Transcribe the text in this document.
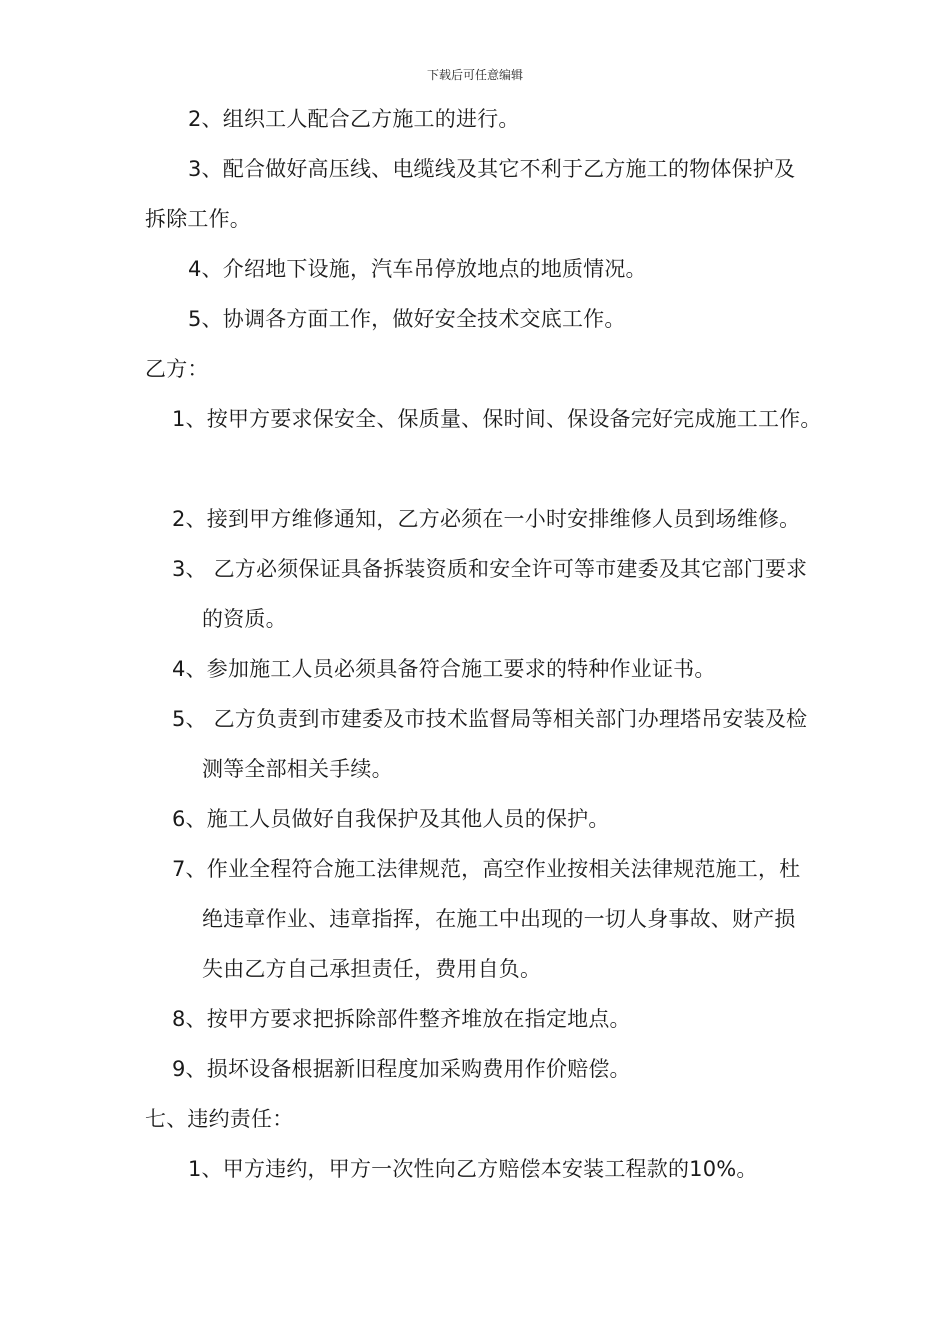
下载后可任意编辑
2、组织工人配合乙方施工的进行。
3、配合做好高压线、电缆线及其它不利于乙方施工的物体保护及
拆除工作。
4、介绍地下设施，汽车吊停放地点的地质情况。
5、协调各方面工作，做好安全技术交底工作。
乙方：
1、按甲方要求保安全、保质量、保时间、保设备完好完成施工工作。
2、接到甲方维修通知，乙方必须在一小时安排维修人员到场维修。
3、 乙方必须保证具备拆装资质和安全许可等市建委及其它部门要求
的资质。
4、参加施工人员必须具备符合施工要求的特种作业证书。
5、 乙方负责到市建委及市技术监督局等相关部门办理塔吊安装及检
测等全部相关手续。
6、施工人员做好自我保护及其他人员的保护。
7、作业全程符合施工法律规范，高空作业按相关法律规范施工，杜
绝违章作业、违章指挥，在施工中出现的一切人身事故、财产损
失由乙方自己承担责任，费用自负。
8、按甲方要求把拆除部件整齐堆放在指定地点。
9、损坏设备根据新旧程度加采购费用作价赔偿。
七、违约责任：
1、甲方违约，甲方一次性向乙方赔偿本安装工程款的10%。
